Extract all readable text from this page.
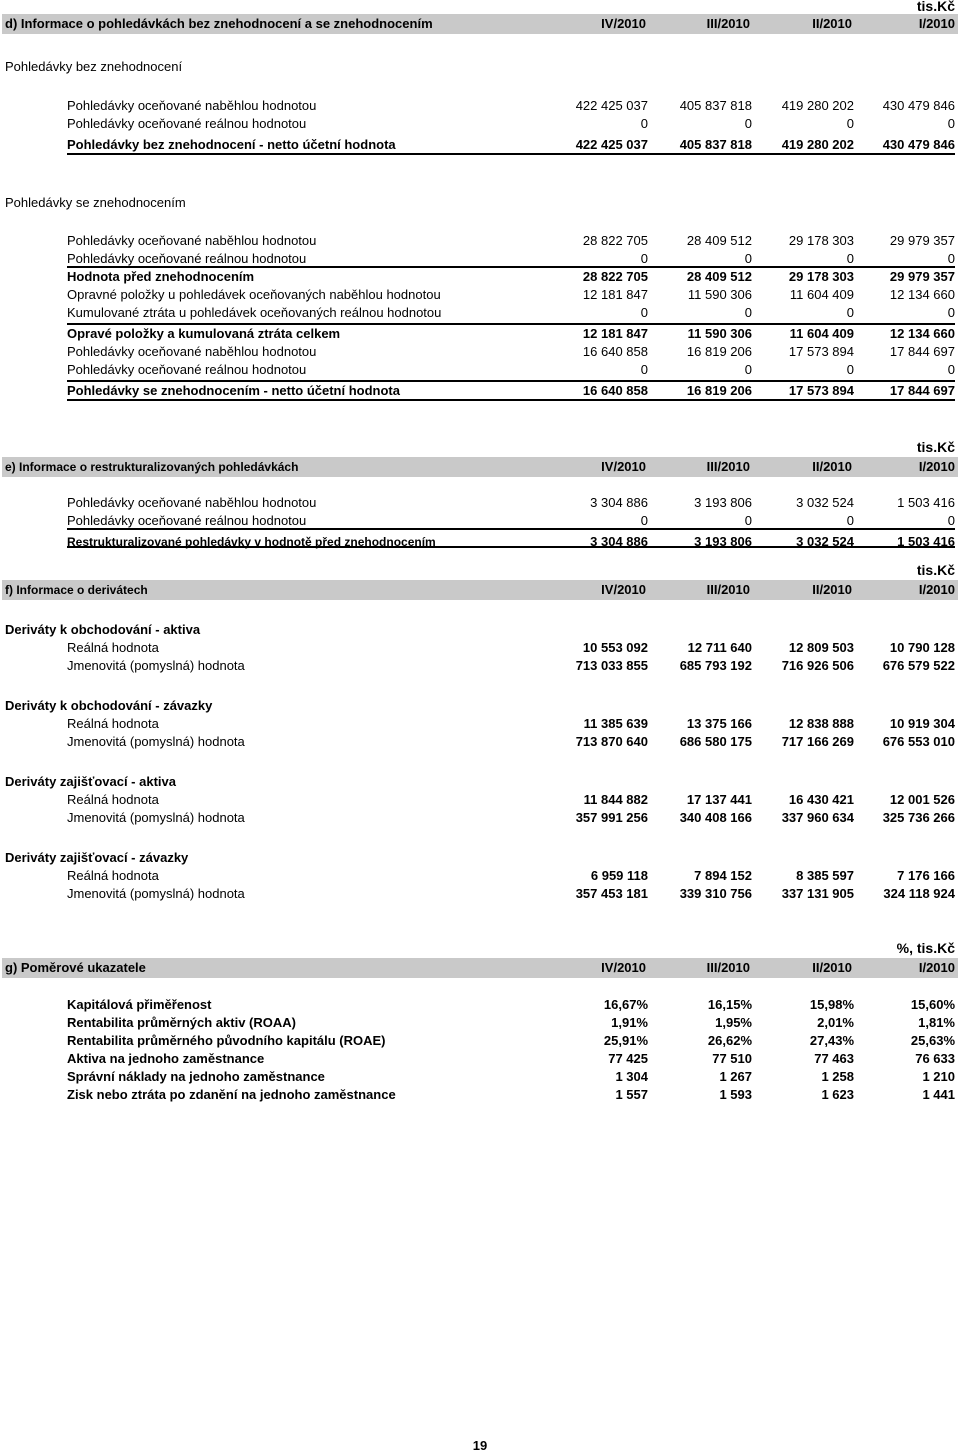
tis.Kč
d) Informace o pohledávkách bez znehodnocení a se znehodnocením	IV/2010	III/2010	II/2010	I/2010
Pohledávky bez znehodnocení
Pohledávky oceňované naběhlou hodnotou	422 425 037	405 837 818	419 280 202	430 479 846
Pohledávky oceňované reálnou hodnotou	0	0	0	0
Pohledávky bez znehodnocení - netto účetní hodnota	422 425 037	405 837 818	419 280 202	430 479 846
Pohledávky se znehodnocením
Pohledávky oceňované naběhlou hodnotou	28 822 705	28 409 512	29 178 303	29 979 357
Pohledávky oceňované reálnou hodnotou	0	0	0	0
Hodnota před znehodnocením	28 822 705	28 409 512	29 178 303	29 979 357
Opravné položky u pohledávek oceňovaných naběhlou hodnotou	12 181 847	11 590 306	11 604 409	12 134 660
Kumulované ztráta u pohledávek oceňovaných reálnou hodnotou	0	0	0	0
Opravé položky a kumulovaná ztráta celkem	12 181 847	11 590 306	11 604 409	12 134 660
Pohledávky oceňované naběhlou hodnotou	16 640 858	16 819 206	17 573 894	17 844 697
Pohledávky oceňované reálnou hodnotou	0	0	0	0
Pohledávky se znehodnocením - netto účetní hodnota	16 640 858	16 819 206	17 573 894	17 844 697
tis.Kč
e) Informace o restrukturalizovaných pohledávkách	IV/2010	III/2010	II/2010	I/2010
Pohledávky oceňované naběhlou hodnotou	3 304 886	3 193 806	3 032 524	1 503 416
Pohledávky oceňované reálnou hodnotou	0	0	0	0
Restrukturalizované pohledávky v hodnotě před znehodnocením	3 304 886	3 193 806	3 032 524	1 503 416
tis.Kč
f) Informace o derivátech	IV/2010	III/2010	II/2010	I/2010
Deriváty k obchodování - aktiva
Reálná hodnota	10 553 092	12 711 640	12 809 503	10 790 128
Jmenovitá (pomyslná) hodnota	713 033 855	685 793 192	716 926 506	676 579 522
Deriváty k obchodování - závazky
Reálná hodnota	11 385 639	13 375 166	12 838 888	10 919 304
Jmenovitá (pomyslná) hodnota	713 870 640	686 580 175	717 166 269	676 553 010
Deriváty zajišťovací - aktiva
Reálná hodnota	11 844 882	17 137 441	16 430 421	12 001 526
Jmenovitá (pomyslná) hodnota	357 991 256	340 408 166	337 960 634	325 736 266
Deriváty zajišťovací - závazky
Reálná hodnota	6 959 118	7 894 152	8 385 597	7 176 166
Jmenovitá (pomyslná) hodnota	357 453 181	339 310 756	337 131 905	324 118 924
%, tis.Kč
g) Poměrové ukazatele	IV/2010	III/2010	II/2010	I/2010
Kapitálová přiměřenost	16,67%	16,15%	15,98%	15,60%
Rentabilita průměrných aktiv (ROAA)	1,91%	1,95%	2,01%	1,81%
Rentabilita průměrného původního kapitálu (ROAE)	25,91%	26,62%	27,43%	25,63%
Aktiva na jednoho zaměstnance	77 425	77 510	77 463	76 633
Správní náklady na jednoho zaměstnance	1 304	1 267	1 258	1 210
Zisk nebo ztráta po zdanění na jednoho zaměstnance	1 557	1 593	1 623	1 441
19
